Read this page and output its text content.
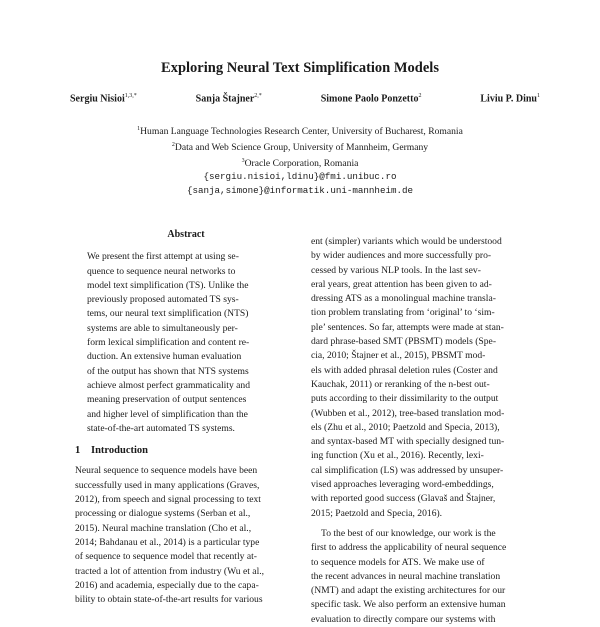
Exploring Neural Text Simplification Models
Sergiu Nisioi$^{1,3,*}$	Sanja Štajner$^{2,*}$	Simone Paolo Ponzetto$^2$	Liviu P. Dinu$^1$
$^1$Human Language Technologies Research Center, University of Bucharest, Romania
$^2$Data and Web Science Group, University of Mannheim, Germany
$^3$Oracle Corporation, Romania
{sergiu.nisioi,ldinu}@fmi.unibuc.ro
{sanja,simone}@informatik.uni-mannheim.de

Abstract

We present the first attempt at using se-

quence to sequence neural networks to

model text simplification (TS). Unlike the

previously proposed automated TS sys-

tems, our neural text simplification (NTS)

systems are able to simultaneously per-

form lexical simplification and content re-

duction. An extensive human evaluation

of the output has shown that NTS systems

achieve almost perfect grammaticality and

meaning preservation of output sentences

and higher level of simplification than the

state-of-the-art automated TS systems.

1 Introduction

Neural sequence to sequence models have been

successfully used in many applications (Graves,

2012), from speech and signal processing to text

processing or dialogue systems (Serban et al.,

2015). Neural machine translation (Cho et al.,

2014; Bahdanau et al., 2014) is a particular type

of sequence to sequence model that recently at-

tracted a lot of attention from industry (Wu et al.,

2016) and academia, especially due to the capa-

bility to obtain state-of-the-art results for various

ent (simpler) variants which would be understood

by wider audiences and more successfully pro-

cessed by various NLP tools. In the last sev-

eral years, great attention has been given to ad-

dressing ATS as a monolingual machine transla-

tion problem translating from ‘original’ to ‘sim-

ple’ sentences. So far, attempts were made at stan-

dard phrase-based SMT (PBSMT) models (Spe-

cia, 2010; Štajner et al., 2015), PBSMT mod-

els with added phrasal deletion rules (Coster and

Kauchak, 2011) or reranking of the n-best out-

puts according to their dissimilarity to the output

(Wubben et al., 2012), tree-based translation mod-

els (Zhu et al., 2010; Paetzold and Specia, 2013),

and syntax-based MT with specially designed tun-

ing function (Xu et al., 2016). Recently, lexi-

cal simplification (LS) was addressed by unsuper-

vised approaches leveraging word-embeddings,

with reported good success (Glavaš and Štajner,

2015; Paetzold and Specia, 2016).

To the best of our knowledge, our work is the

first to address the applicability of neural sequence

to sequence models for ATS. We make use of

the recent advances in neural machine translation

(NMT) and adapt the existing architectures for our

specific task. We also perform an extensive human

evaluation to directly compare our systems with
